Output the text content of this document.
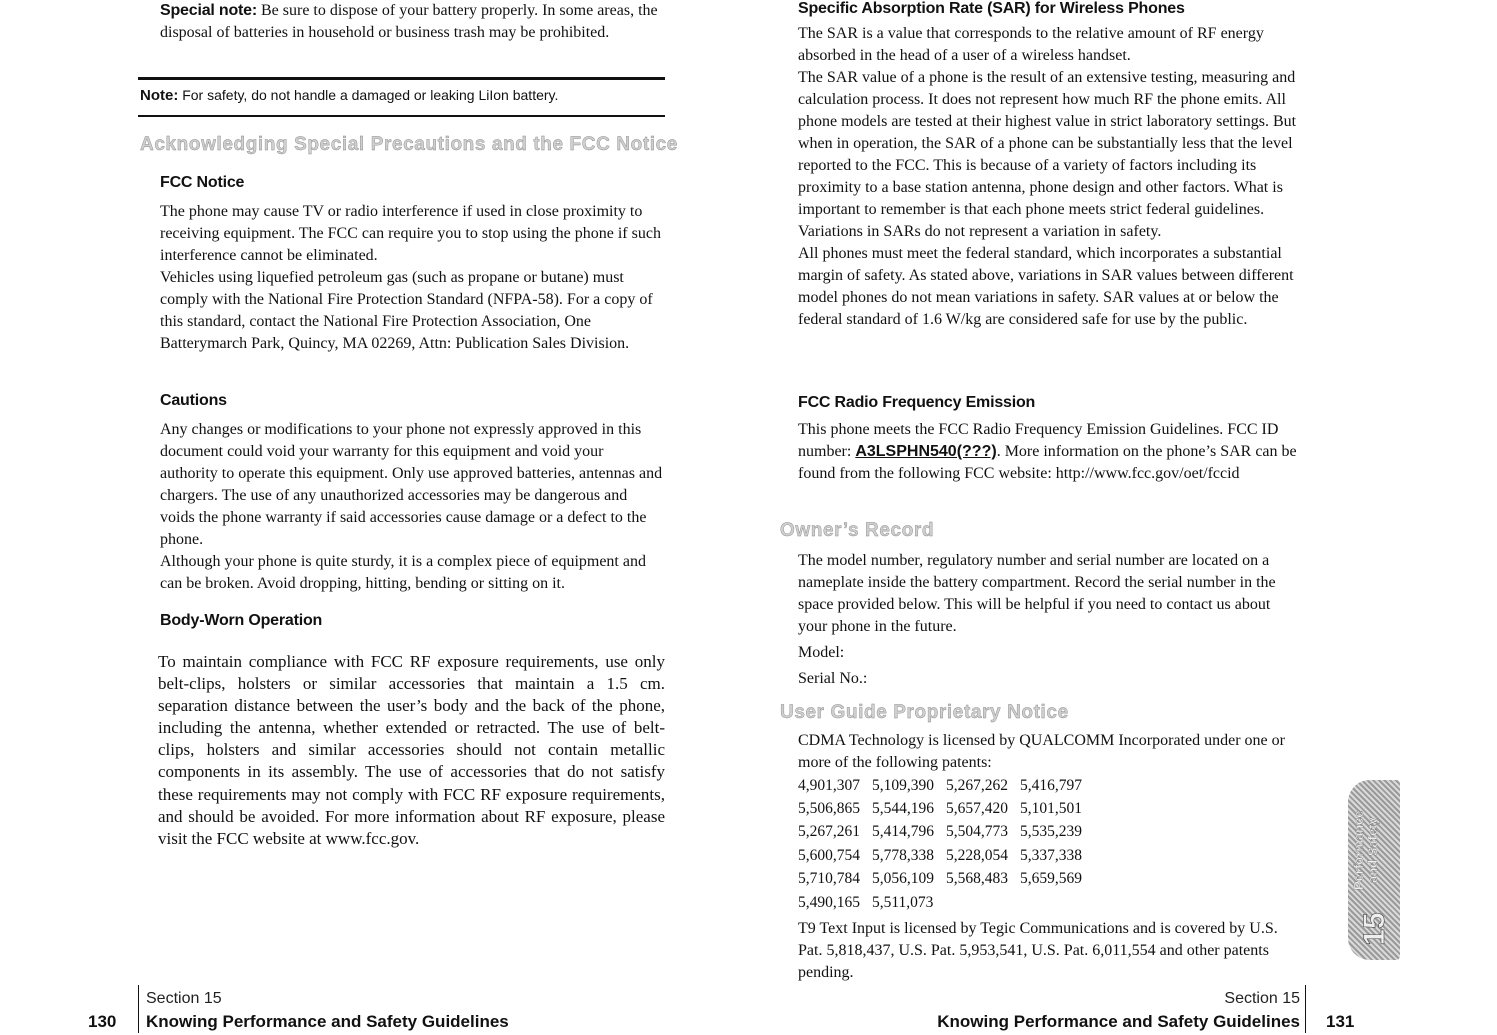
Special note: Be sure to dispose of your battery properly. In some areas, the disposal of batteries in household or business trash may be prohibited.

Note: For safety, do not handle a damaged or leaking LiIon battery.
Acknowledging Special Precautions and the FCC Notice
FCC Notice

The phone may cause TV or radio interference if used in close proximity to receiving equipment. The FCC can require you to stop using the phone if such interference cannot be eliminated.

Vehicles using liquefied petroleum gas (such as propane or butane) must comply with the National Fire Protection Standard (NFPA-58). For a copy of this standard, contact the National Fire Protection Association, One Batterymarch Park, Quincy, MA 02269, Attn: Publication Sales Division.

Cautions

Any changes or modifications to your phone not expressly approved in this document could void your warranty for this equipment and void your authority to operate this equipment. Only use approved batteries, antennas and chargers. The use of any unauthorized accessories may be dangerous and voids the phone warranty if said accessories cause damage or a defect to the phone.

Although your phone is quite sturdy, it is a complex piece of equipment and can be broken. Avoid dropping, hitting, bending or sitting on it.

Body-Worn Operation
To maintain compliance with FCC RF exposure requirements, use only belt-clips, holsters or similar accessories that maintain a 1.5 cm. separation distance between the user’s body and the back of the phone, including the antenna, whether extended or retracted. The use of belt-clips, holsters and similar accessories should not contain metallic components in its assembly. The use of accessories that do not satisfy these requirements may not comply with FCC RF exposure requirements, and should be avoided. For more information about RF exposure, please visit the FCC website at www.fcc.gov.
130
Section 15
Knowing Performance and Safety Guidelines
Specific Absorption Rate (SAR) for Wireless Phones

The SAR is a value that corresponds to the relative amount of RF energy absorbed in the head of a user of a wireless handset.

The SAR value of a phone is the result of an extensive testing, measuring and calculation process. It does not represent how much RF the phone emits. All phone models are tested at their highest value in strict laboratory settings. But when in operation, the SAR of a phone can be substantially less that the level reported to the FCC. This is because of a variety of factors including its proximity to a base station antenna, phone design and other factors. What is important to remember is that each phone meets strict federal guidelines. Variations in SARs do not represent a variation in safety.

All phones must meet the federal standard, which incorporates a substantial margin of safety. As stated above, variations in SAR values between different model phones do not mean variations in safety. SAR values at or below the federal standard of 1.6 W/kg are considered safe for use by the public.

FCC Radio Frequency Emission

This phone meets the FCC Radio Frequency Emission Guidelines. FCC ID number: A3LSPHN540(???). More information on the phone’s SAR can be found from the following FCC website: http://www.fcc.gov/oet/fccid

Owner’s Record

The model number, regulatory number and serial number are located on a nameplate inside the battery compartment. Record the serial number in the space provided below. This will be helpful if you need to contact us about your phone in the future.

Model:

Serial No.:

User Guide Proprietary Notice
CDMA Technology is licensed by QUALCOMM Incorporated under one or more of the following patents:
4,901,307	5,109,390	5,267,262	5,416,797
5,506,865	5,544,196	5,657,420	5,101,501
5,267,261	5,414,796	5,504,773	5,535,239
5,600,754	5,778,338	5,228,054	5,337,338
5,710,784	5,056,109	5,568,483	5,659,569
5,490,165	5,511,073		
T9 Text Input is licensed by Tegic Communications and is covered by U.S. Pat. 5,818,437, U.S. Pat. 5,953,541, U.S. Pat. 6,011,554 and other patents pending.
Performance and Safety
15
Section 15
Knowing Performance and Safety Guidelines 131
